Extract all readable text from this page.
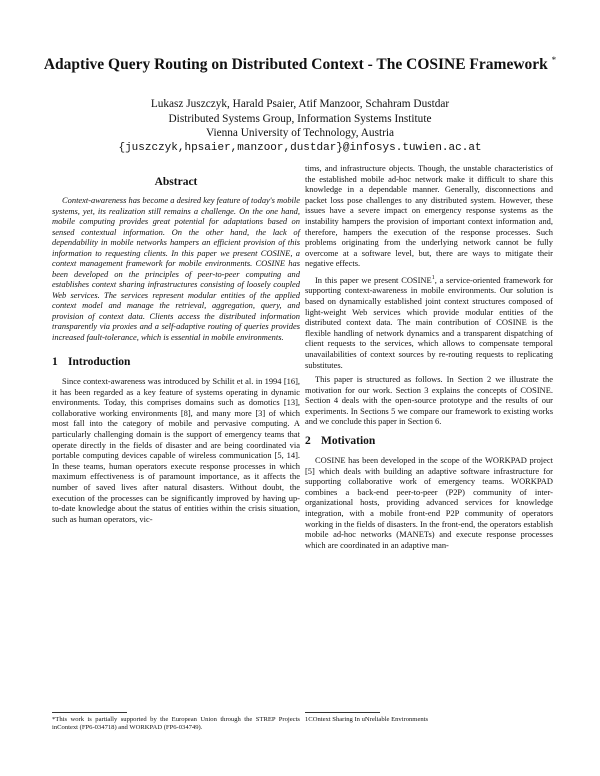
Adaptive Query Routing on Distributed Context - The COSINE Framework *
Lukasz Juszczyk, Harald Psaier, Atif Manzoor, Schahram Dustdar
Distributed Systems Group, Information Systems Institute
Vienna University of Technology, Austria
{juszczyk,hpsaier,manzoor,dustdar}@infosys.tuwien.ac.at
Abstract

Context-awareness has become a desired key feature of today's mobile systems, yet, its realization still remains a challenge. On the one hand, mobile computing provides great potential for adaptations based on sensed contextual information. On the other hand, the lack of dependability in mobile networks hampers an efficient provision of this information to requesting clients. In this paper we present COSINE, a context management framework for mobile environments. COSINE has been developed on the principles of peer-to-peer computing and establishes context sharing infrastructures consisting of loosely coupled Web services. The services represent modular entities of the applied context model and manage the retrieval, aggregation, query, and provision of context data. Clients access the distributed information transparently via proxies and a self-adaptive routing of queries provides increased fault-tolerance, which is essential in mobile environments.

1 Introduction

Since context-awareness was introduced by Schilit et al. in 1994 [16], it has been regarded as a key feature of systems operating in dynamic environments. Today, this comprises domains such as domotics [13], collaborative working environments [8], and many more [3] of which most fall into the category of mobile and pervasive computing. A particularly challenging domain is the support of emergency teams that operate directly in the fields of disaster and are being coordinated via portable computing devices capable of wireless communication [5, 14]. In these teams, human operators execute response processes in which maximum effectiveness is of paramount importance, as it affects the number of saved lives after natural disasters. Without doubt, the execution of the processes can be significantly improved by having up-to-date knowledge about the status of entities within the crisis situation, such as human operators, vic-

*This work is partially supported by the European Union through the STREP Projects inContext (FP6-034718) and WORKPAD (FP6-034749).

tims, and infrastructure objects. Though, the unstable characteristics of the established mobile ad-hoc network make it difficult to share this knowledge in a dependable manner. Generally, disconnections and packet loss pose challenges to any distributed system. However, these issues have a severe impact on emergency response systems as the instability hampers the provision of important context information and, therefore, hampers the execution of the response processes. Such problems originating from the underlying network cannot be fully overcome at a software level, but, there are ways to mitigate their negative effects.

In this paper we present COSINE$^1$, a service-oriented framework for supporting context-awareness in mobile environments. Our solution is based on dynamically established joint context structures composed of light-weight Web services which provide modular entities of the distributed context data. The main contribution of COSINE is the flexible handling of network dynamics and a transparent dispatching of client requests to the services, which allows to compensate temporal unavailabilities of context sources by re-routing requests to replicating substitutes.

This paper is structured as follows. In Section 2 we illustrate the motivation for our work. Section 3 explains the concepts of COSINE. Section 4 deals with the open-source prototype and the results of our experiments. In Sections 5 we compare our framework to existing works and we conclude this paper in Section 6.

2 Motivation

COSINE has been developed in the scope of the WORKPAD project [5] which deals with building an adaptive software infrastructure for supporting collaborative work of emergency teams. WORKPAD combines a back-end peer-to-peer (P2P) community of inter-organizational hosts, providing advanced services for knowledge integration, with a mobile front-end P2P community of operators working in the fields of disasters. In the front-end, the operators establish mobile ad-hoc networks (MANETs) and execute response processes which are coordinated in an adaptive man-

1COntext Sharing In uNreliable Environments
